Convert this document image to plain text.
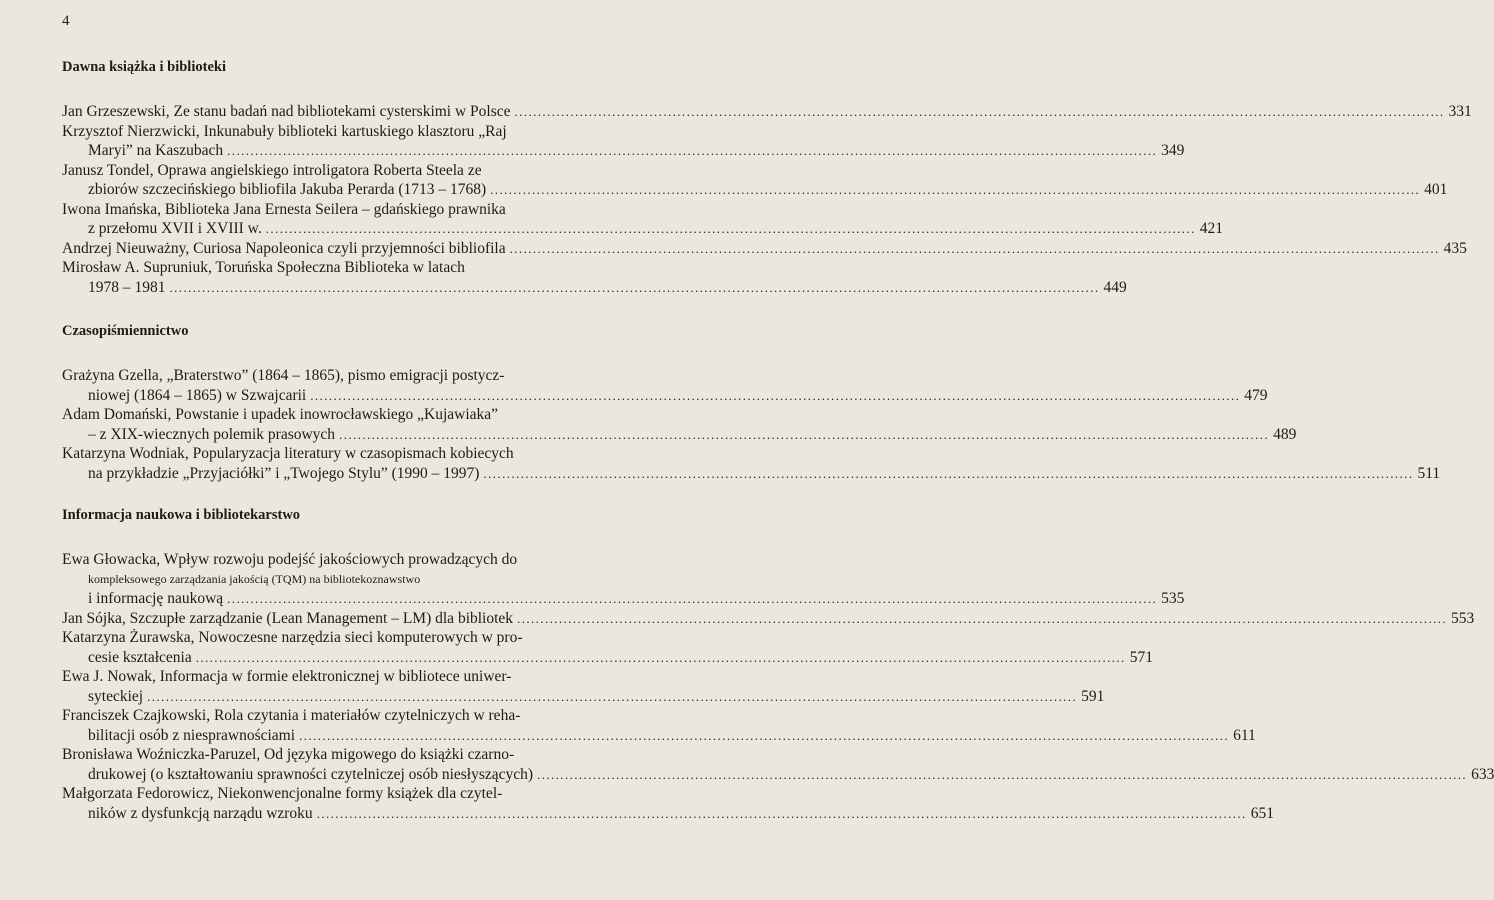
4
Dawna książka i biblioteki
Jan Grzeszewski, Ze stanu badań nad bibliotekami cysterskimi w Polsce ........................................................................................................................................................................................................ 331
Krzysztof Nierzwicki, Inkunabuły biblioteki kartuskiego klasztoru „Raj
Maryi” na Kaszubach ........................................................................................................................................................................................................ 349
Janusz Tondel, Oprawa angielskiego introligatora Roberta Steela ze
zbiorów szczecińskiego bibliofila Jakuba Perarda (1713 – 1768) ........................................................................................................................................................................................................ 401
Iwona Imańska, Biblioteka Jana Ernesta Seilera – gdańskiego prawnika
z przełomu XVII i XVIII w. ........................................................................................................................................................................................................ 421
Andrzej Nieuważny, Curiosa Napoleonica czyli przyjemności bibliofila ........................................................................................................................................................................................................ 435
Mirosław A. Supruniuk, Toruńska Społeczna Biblioteka w latach
1978 – 1981 ........................................................................................................................................................................................................ 449
Czasopiśmiennictwo
Grażyna Gzella, „Braterstwo” (1864 – 1865), pismo emigracji postycz-
niowej (1864 – 1865) w Szwajcarii ........................................................................................................................................................................................................ 479
Adam Domański, Powstanie i upadek inowrocławskiego „Kujawiaka”
– z XIX-wiecznych polemik prasowych ........................................................................................................................................................................................................ 489
Katarzyna Wodniak, Popularyzacja literatury w czasopismach kobiecych
na przykładzie „Przyjaciółki” i „Twojego Stylu” (1990 – 1997) ........................................................................................................................................................................................................ 511
Informacja naukowa i bibliotekarstwo
Ewa Głowacka, Wpływ rozwoju podejść jakościowych prowadzących do
kompleksowego zarządzania jakością (TQM) na bibliotekoznawstwo
i informację naukową ........................................................................................................................................................................................................ 535
Jan Sójka, Szczupłe zarządzanie (Lean Management – LM) dla bibliotek ........................................................................................................................................................................................................ 553
Katarzyna Żurawska, Nowoczesne narzędzia sieci komputerowych w pro-
cesie kształcenia ........................................................................................................................................................................................................ 571
Ewa J. Nowak, Informacja w formie elektronicznej w bibliotece uniwer-
syteckiej ........................................................................................................................................................................................................ 591
Franciszek Czajkowski, Rola czytania i materiałów czytelniczych w reha-
bilitacji osób z niesprawnościami ........................................................................................................................................................................................................ 611
Bronisława Woźniczka-Paruzel, Od języka migowego do książki czarno-
drukowej (o kształtowaniu sprawności czytelniczej osób niesłyszących) ........................................................................................................................................................................................................ 633
Małgorzata Fedorowicz, Niekonwencjonalne formy książek dla czytel-
ników z dysfunkcją narządu wzroku ........................................................................................................................................................................................................ 651
